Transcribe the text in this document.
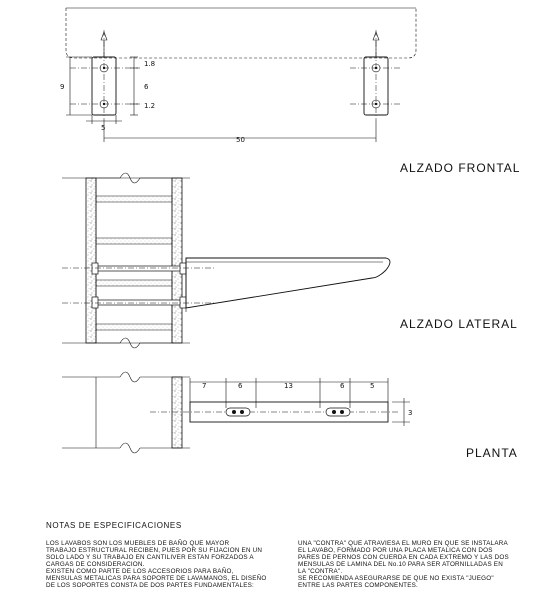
1.8
6
1.2
9
5
50
ALZADO FRONTAL
ALZADO LATERAL
7	6	13	6	5
3
PLANTA
NOTAS DE ESPECIFICACIONES
LOS LAVABOS SON LOS MUEBLES DE BAÑO QUE MAYOR
TRABAJO ESTRUCTURAL RECIBEN, PUES POR SU FIJACION EN UN
SOLO LADO Y SU TRABAJO EN CANTILIVER ESTAN FORZADOS A
CARGAS DE CONSIDERACION.
EXISTEN COMO PARTE DE LOS ACCESORIOS PARA BAÑO,
MENSULAS METALICAS PARA SOPORTE DE LAVAMANOS, EL DISEÑO
DE LOS SOPORTES CONSTA DE DOS PARTES FUNDAMENTALES:
UNA "CONTRA" QUE ATRAVIESA EL MURO EN QUE SE INSTALARA
EL LAVABO, FORMADO POR UNA PLACA METALICA CON DOS
PARES DE PERNOS CON CUERDA EN CADA EXTREMO Y LAS DOS
MENSULAS DE LAMINA DEL No.10 PARA SER ATORNILLADAS EN
LA "CONTRA".
SE RECOMIENDA ASEGURARSE DE QUE NO EXISTA "JUEGO"
ENTRE LAS PARTES COMPONENTES.
